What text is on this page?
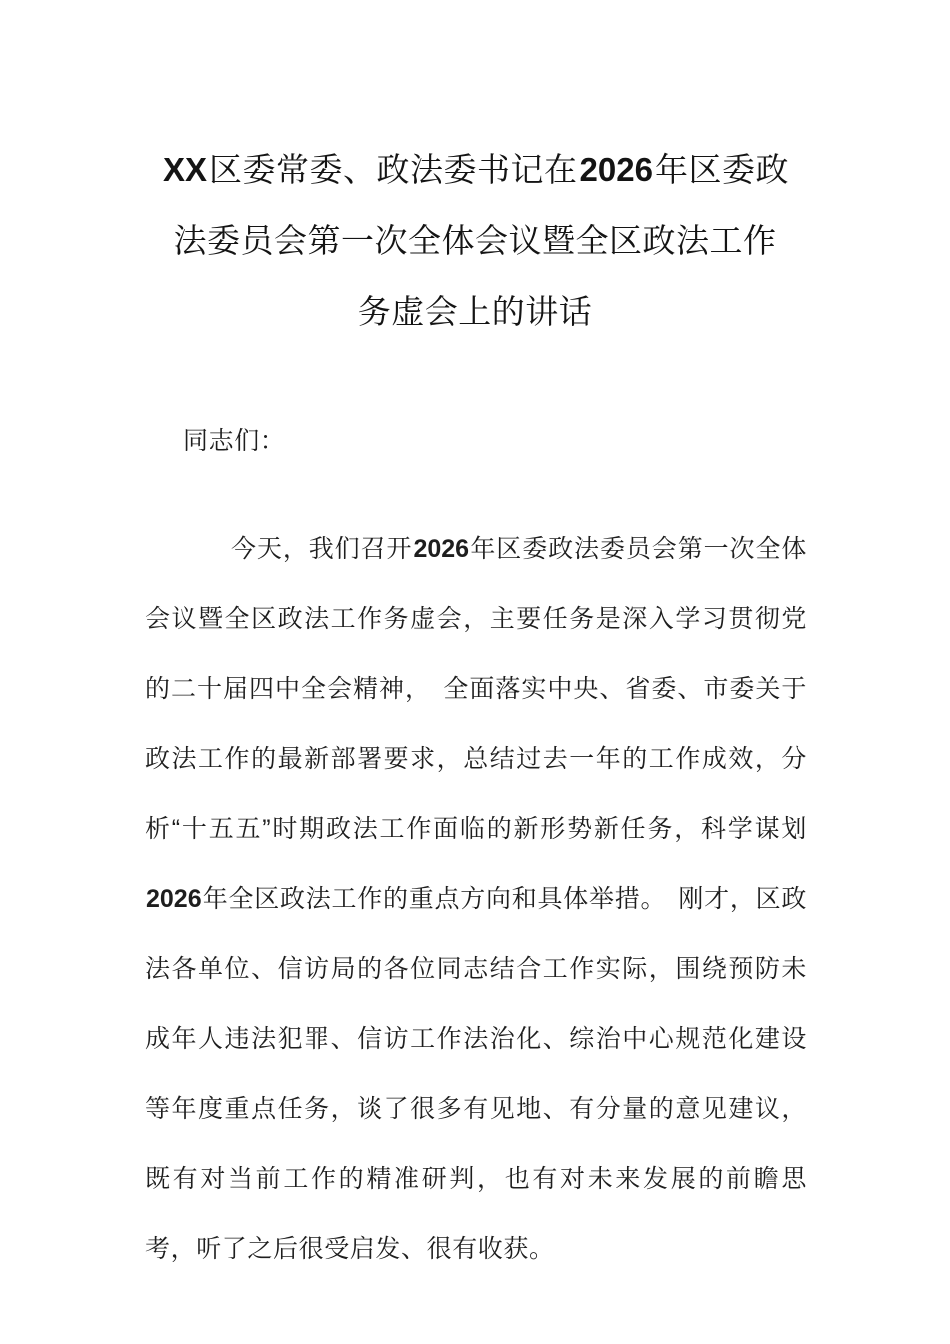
XX区委常委、政法委书记在2026年区委政
法委员会第一次全体会议暨全区政法工作
务虚会上的讲话

同志们：

今天，我们召开2026年区委政法委员会第一次全体会议暨全区政法工作务虚会，主要任务是深入学习贯彻党的二十届四中全会精神， 全面落实中央、省委、市委关于政法工作的最新部署要求，总结过去一年的工作成效，分析“十五五”时期政法工作面临的新形势新任务，科学谋划2026年全区政法工作的重点方向和具体举措。 刚才，区政法各单位、信访局的各位同志结合工作实际，围绕预防未成年人违法犯罪、信访工作法治化、综治中心规范化建设等年度重点任务，谈了很多有见地、有分量的意见建议，既有对当前工作的精准研判，也有对未来发展的前瞻思考，听了之后很受启发、很有收获。
